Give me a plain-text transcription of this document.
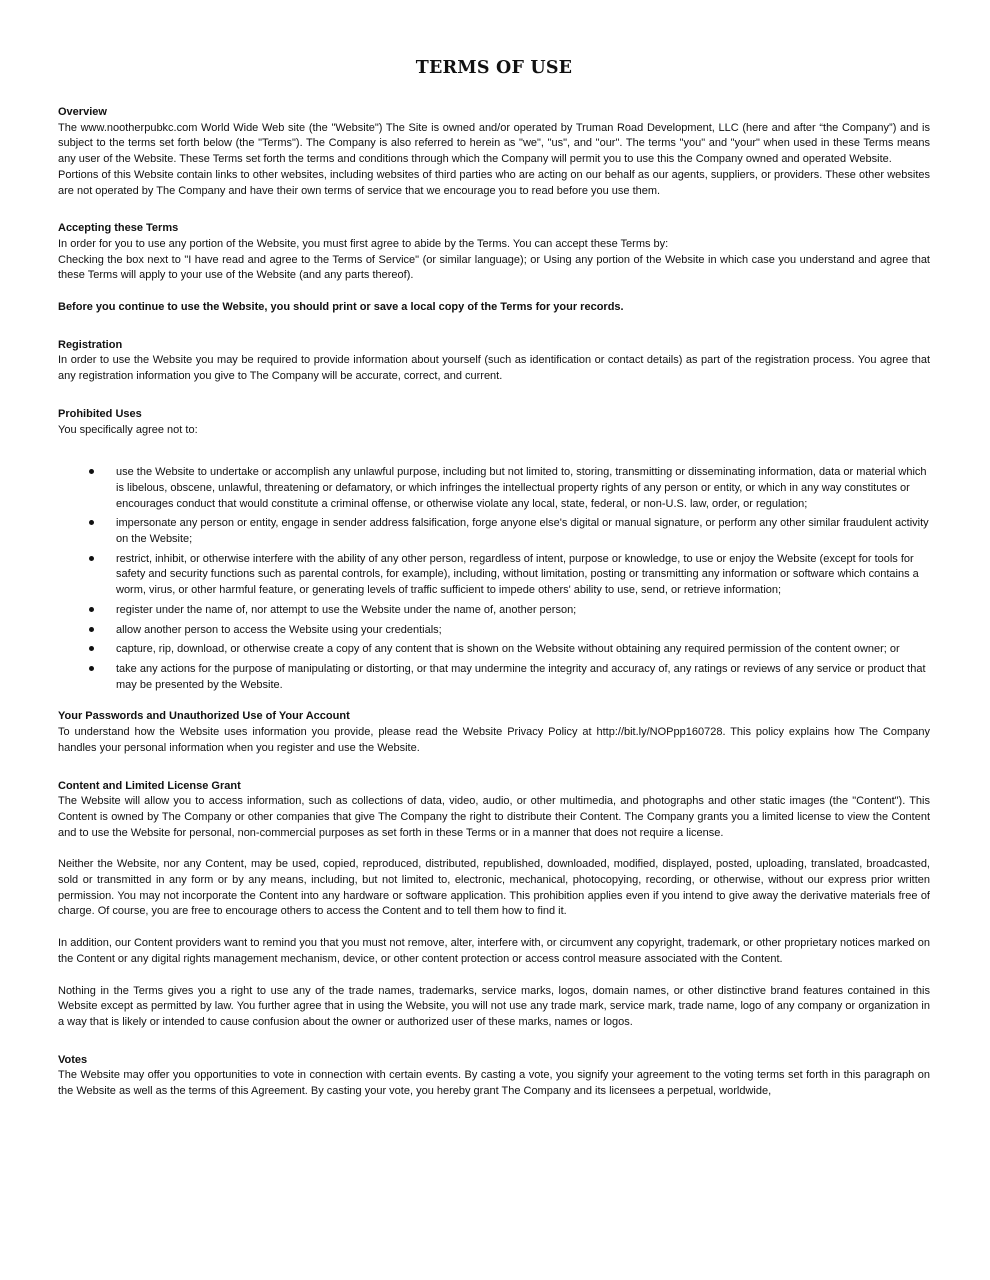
TERMS OF USE

Overview

The www.nootherpubkc.com World Wide Web site (the "Website") The Site is owned and/or operated by Truman Road Development, LLC (here and after “the Company”) and is subject to the terms set forth below (the "Terms"). The Company is also referred to herein as "we", "us", and "our". The terms "you" and "your" when used in these Terms means any user of the Website. These Terms set forth the terms and conditions through which the Company will permit you to use this the Company owned and operated Website.

Portions of this Website contain links to other websites, including websites of third parties who are acting on our behalf as our agents, suppliers, or providers. These other websites are not operated by The Company and have their own terms of service that we encourage you to read before you use them.

Accepting these Terms

In order for you to use any portion of the Website, you must first agree to abide by the Terms. You can accept these Terms by:

Checking the box next to "I have read and agree to the Terms of Service" (or similar language); or Using any portion of the Website in which case you understand and agree that these Terms will apply to your use of the Website (and any parts thereof).

Before you continue to use the Website, you should print or save a local copy of the Terms for your records.

Registration

In order to use the Website you may be required to provide information about yourself (such as identification or contact details) as part of the registration process. You agree that any registration information you give to The Company will be accurate, correct, and current.

Prohibited Uses

You specifically agree not to:

use the Website to undertake or accomplish any unlawful purpose, including but not limited to, storing, transmitting or disseminating information, data or material which is libelous, obscene, unlawful, threatening or defamatory, or which infringes the intellectual property rights of any person or entity, or which in any way constitutes or encourages conduct that would constitute a criminal offense, or otherwise violate any local, state, federal, or non-U.S. law, order, or regulation;
impersonate any person or entity, engage in sender address falsification, forge anyone else's digital or manual signature, or perform any other similar fraudulent activity on the Website;
restrict, inhibit, or otherwise interfere with the ability of any other person, regardless of intent, purpose or knowledge, to use or enjoy the Website (except for tools for safety and security functions such as parental controls, for example), including, without limitation, posting or transmitting any information or software which contains a worm, virus, or other harmful feature, or generating levels of traffic sufficient to impede others' ability to use, send, or retrieve information;
register under the name of, nor attempt to use the Website under the name of, another person;
allow another person to access the Website using your credentials;
capture, rip, download, or otherwise create a copy of any content that is shown on the Website without obtaining any required permission of the content owner; or
take any actions for the purpose of manipulating or distorting, or that may undermine the integrity and accuracy of, any ratings or reviews of any service or product that may be presented by the Website.

Your Passwords and Unauthorized Use of Your Account

To understand how the Website uses information you provide, please read the Website Privacy Policy at http://bit.ly/NOPpp160728. This policy explains how The Company handles your personal information when you register and use the Website.

Content and Limited License Grant

The Website will allow you to access information, such as collections of data, video, audio, or other multimedia, and photographs and other static images (the "Content"). This Content is owned by The Company or other companies that give The Company the right to distribute their Content. The Company grants you a limited license to view the Content and to use the Website for personal, non-commercial purposes as set forth in these Terms or in a manner that does not require a license.

Neither the Website, nor any Content, may be used, copied, reproduced, distributed, republished, downloaded, modified, displayed, posted, uploading, translated, broadcasted, sold or transmitted in any form or by any means, including, but not limited to, electronic, mechanical, photocopying, recording, or otherwise, without our express prior written permission. You may not incorporate the Content into any hardware or software application. This prohibition applies even if you intend to give away the derivative materials free of charge. Of course, you are free to encourage others to access the Content and to tell them how to find it.

In addition, our Content providers want to remind you that you must not remove, alter, interfere with, or circumvent any copyright, trademark, or other proprietary notices marked on the Content or any digital rights management mechanism, device, or other content protection or access control measure associated with the Content.

Nothing in the Terms gives you a right to use any of the trade names, trademarks, service marks, logos, domain names, or other distinctive brand features contained in this Website except as permitted by law. You further agree that in using the Website, you will not use any trade mark, service mark, trade name, logo of any company or organization in a way that is likely or intended to cause confusion about the owner or authorized user of these marks, names or logos.

Votes

The Website may offer you opportunities to vote in connection with certain events. By casting a vote, you signify your agreement to the voting terms set forth in this paragraph on the Website as well as the terms of this Agreement. By casting your vote, you hereby grant The Company and its licensees a perpetual, worldwide,
